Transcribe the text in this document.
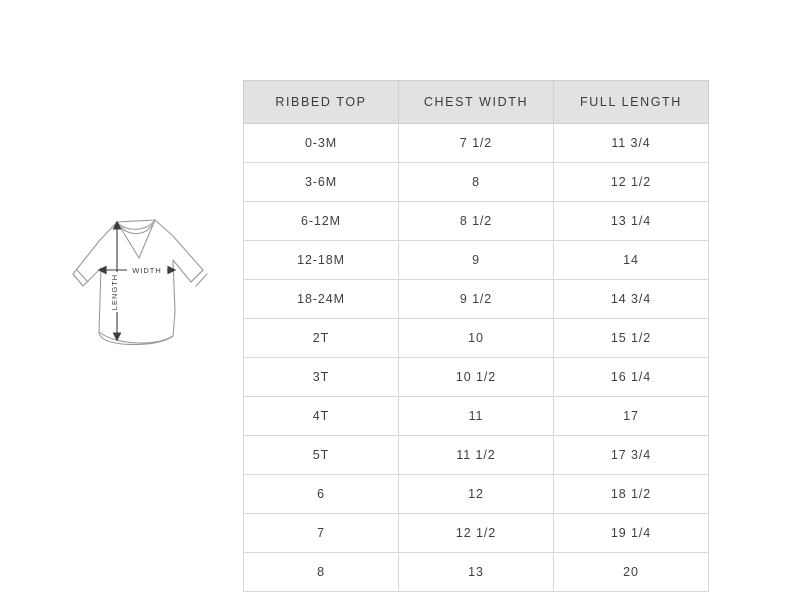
WIDTH
LENGTH
RIBBED TOP	CHEST WIDTH	FULL LENGTH
0-3M	7 1/2	11 3/4
3-6M	8	12 1/2
6-12M	8 1/2	13 1/4
12-18M	9	14
18-24M	9 1/2	14 3/4
2T	10	15 1/2
3T	10 1/2	16 1/4
4T	11	17
5T	11 1/2	17 3/4
6	12	18 1/2
7	12 1/2	19 1/4
8	13	20
